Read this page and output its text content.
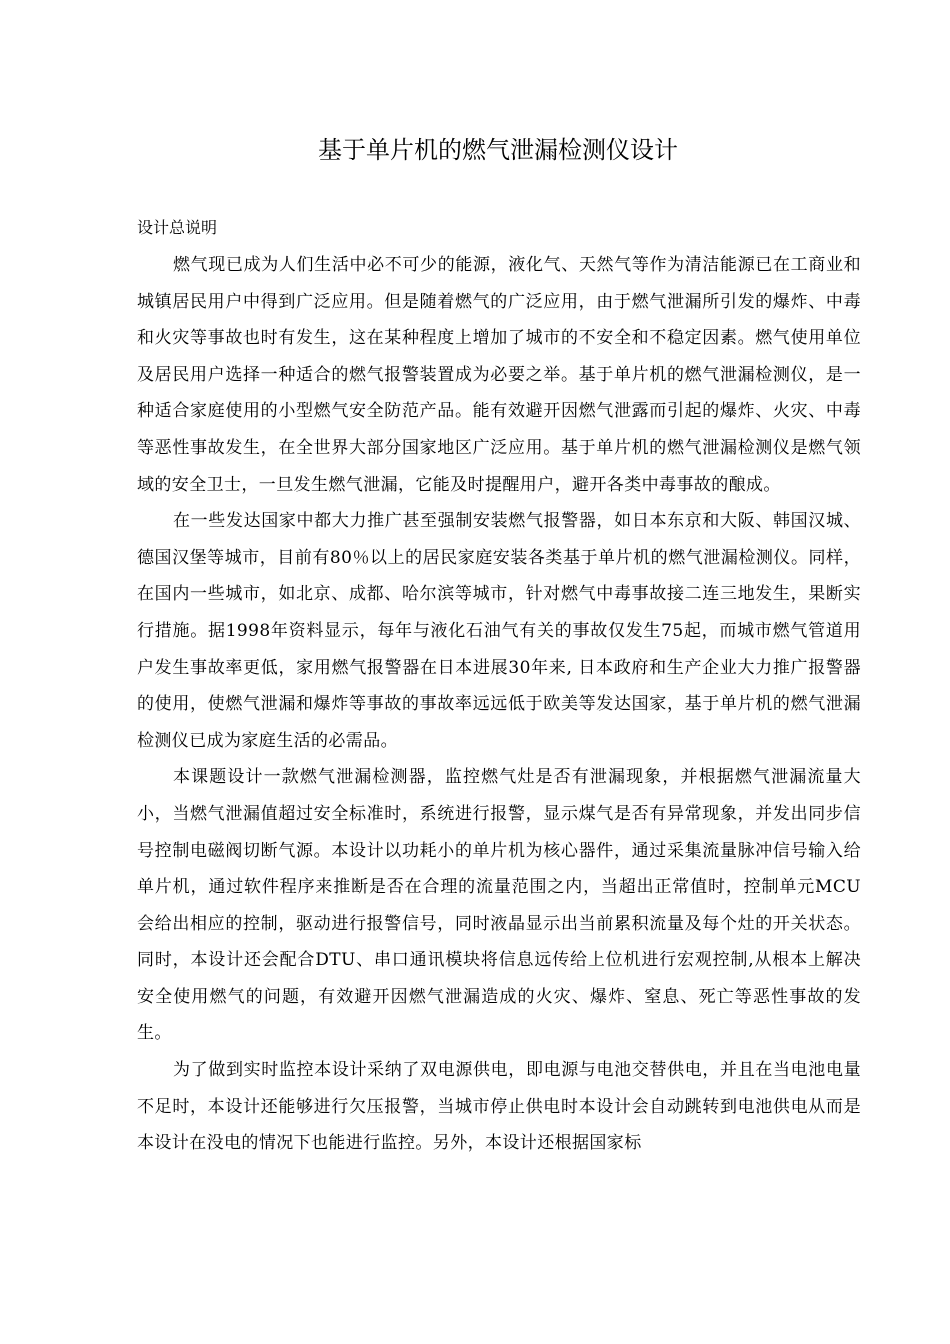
基于单片机的燃气泄漏检测仪设计
设计总说明

燃气现已成为人们生活中必不可少的能源，液化气、天然气等作为清洁能源已在工商业和城镇居民用户中得到广泛应用。但是随着燃气的广泛应用，由于燃气泄漏所引发的爆炸、中毒和火灾等事故也时有发生，这在某种程度上增加了城市的不安全和不稳定因素。燃气使用单位及居民用户选择一种适合的燃气报警装置成为必要之举。基于单片机的燃气泄漏检测仪，是一种适合家庭使用的小型燃气安全防范产品。能有效避开因燃气泄露而引起的爆炸、火灾、中毒等恶性事故发生，在全世界大部分国家地区广泛应用。基于单片机的燃气泄漏检测仪是燃气领域的安全卫士，一旦发生燃气泄漏，它能及时提醒用户，避开各类中毒事故的酿成。

在一些发达国家中都大力推广甚至强制安装燃气报警器，如日本东京和大阪、韩国汉城、德国汉堡等城市，目前有80％以上的居民家庭安装各类基于单片机的燃气泄漏检测仪。同样，在国内一些城市，如北京、成都、哈尔滨等城市，针对燃气中毒事故接二连三地发生，果断实行措施。据1998年资料显示，每年与液化石油气有关的事故仅发生75起，而城市燃气管道用户发生事故率更低，家用燃气报警器在日本进展30年来, 日本政府和生产企业大力推广报警器的使用，使燃气泄漏和爆炸等事故的事故率远远低于欧美等发达国家，基于单片机的燃气泄漏检测仪已成为家庭生活的必需品。

本课题设计一款燃气泄漏检测器，监控燃气灶是否有泄漏现象，并根据燃气泄漏流量大小，当燃气泄漏值超过安全标准时，系统进行报警，显示煤气是否有异常现象，并发出同步信号控制电磁阀切断气源。本设计以功耗小的单片机为核心器件，通过采集流量脉冲信号输入给单片机，通过软件程序来推断是否在合理的流量范围之内，当超出正常值时，控制单元MCU会给出相应的控制，驱动进行报警信号，同时液晶显示出当前累积流量及每个灶的开关状态。同时，本设计还会配合DTU、串口通讯模块将信息远传给上位机进行宏观控制,从根本上解决安全使用燃气的问题，有效避开因燃气泄漏造成的火灾、爆炸、窒息、死亡等恶性事故的发生。

为了做到实时监控本设计采纳了双电源供电，即电源与电池交替供电，并且在当电池电量不足时，本设计还能够进行欠压报警，当城市停止供电时本设计会自动跳转到电池供电从而是本设计在没电的情况下也能进行监控。另外，本设计还根据国家标
